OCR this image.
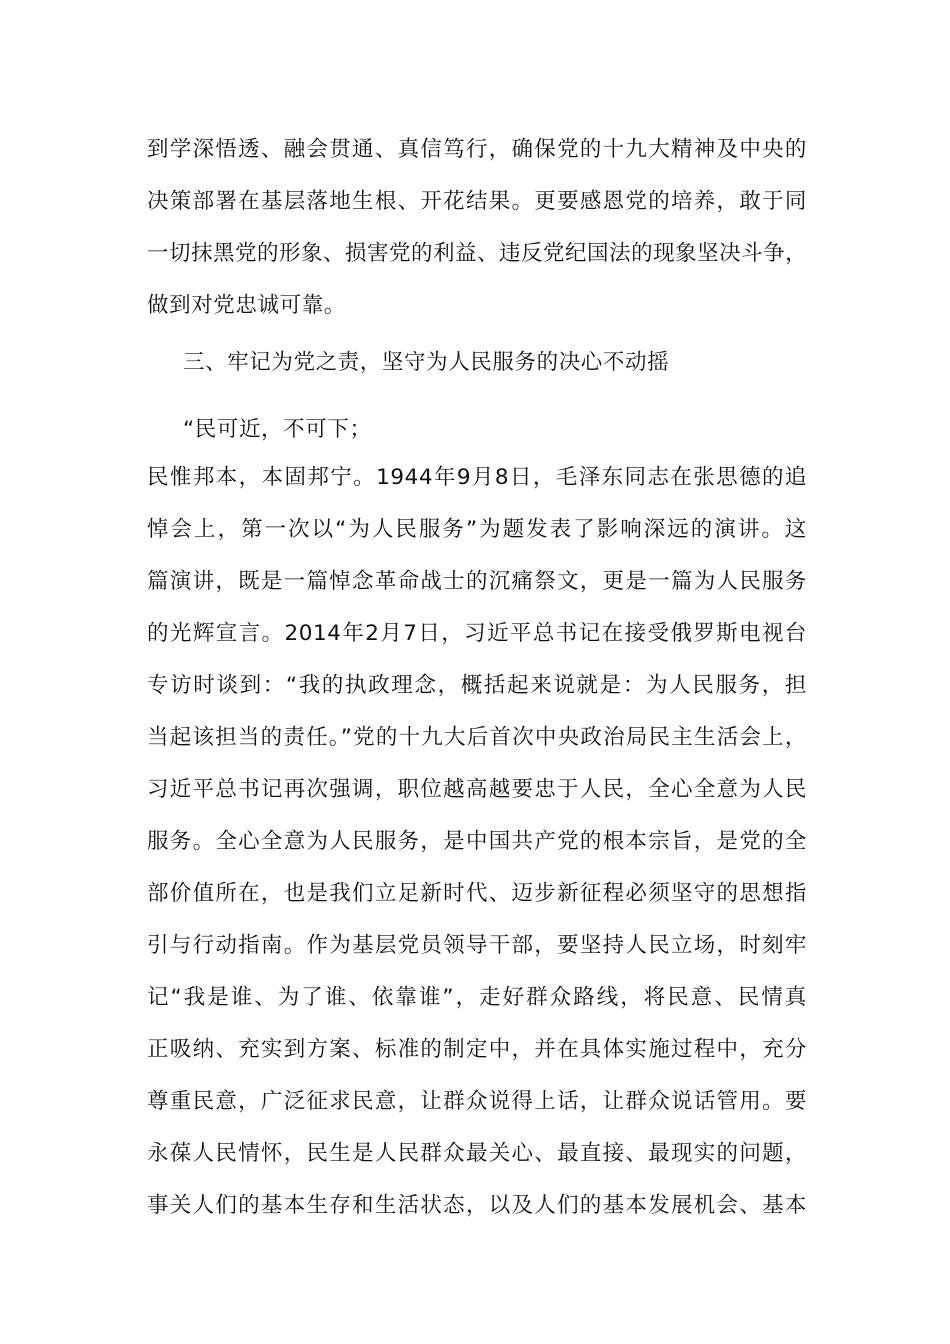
到学深悟透、融会贯通、真信笃行，确保党的十九大精神及中央的
决策部署在基层落地生根、开花结果。更要感恩党的培养，敢于同
一切抹黑党的形象、损害党的利益、违反党纪国法的现象坚决斗争，
做到对党忠诚可靠。
三、牢记为党之责，坚守为人民服务的决心不动摇
“民可近，不可下；
民惟邦本，本固邦宁。1944年9月8日，毛泽东同志在张思德的追
悼会上，第一次以“为人民服务”为题发表了影响深远的演讲。这
篇演讲，既是一篇悼念革命战士的沉痛祭文，更是一篇为人民服务
的光辉宣言。2014年2月7日，习近平总书记在接受俄罗斯电视台
专访时谈到：“我的执政理念，概括起来说就是：为人民服务，担
当起该担当的责任。”党的十九大后首次中央政治局民主生活会上，
习近平总书记再次强调，职位越高越要忠于人民，全心全意为人民
服务。全心全意为人民服务，是中国共产党的根本宗旨，是党的全
部价值所在，也是我们立足新时代、迈步新征程必须坚守的思想指
引与行动指南。作为基层党员领导干部，要坚持人民立场，时刻牢
记“我是谁、为了谁、依靠谁”，走好群众路线，将民意、民情真
正吸纳、充实到方案、标准的制定中，并在具体实施过程中，充分
尊重民意，广泛征求民意，让群众说得上话，让群众说话管用。要
永葆人民情怀，民生是人民群众最关心、最直接、最现实的问题，
事关人们的基本生存和生活状态，以及人们的基本发展机会、基本
